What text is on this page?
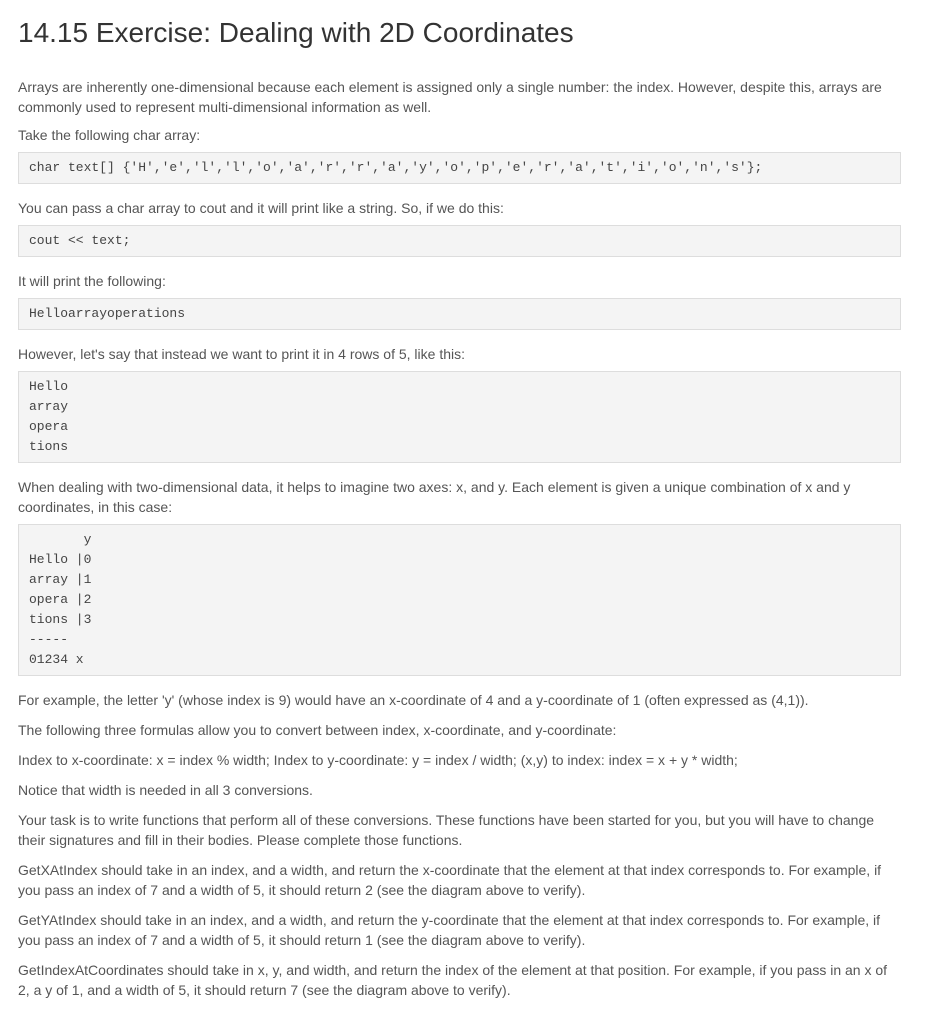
14.15 Exercise: Dealing with 2D Coordinates

Arrays are inherently one-dimensional because each element is assigned only a single number: the index. However, despite this, arrays are commonly used to represent multi-dimensional information as well.

Take the following char array:

char text[] {'H','e','l','l','o','a','r','r','a','y','o','p','e','r','a','t','i','o','n','s'};

You can pass a char array to cout and it will print like a string. So, if we do this:

cout << text;

It will print the following:

Helloarrayoperations

However, let's say that instead we want to print it in 4 rows of 5, like this:

Hello
array
opera
tions

When dealing with two-dimensional data, it helps to imagine two axes: x, and y. Each element is given a unique combination of x and y coordinates, in this case:

y
Hello |0
array |1
opera |2
tions |3
-----
01234 x

For example, the letter 'y' (whose index is 9) would have an x-coordinate of 4 and a y-coordinate of 1 (often expressed as (4,1)).

The following three formulas allow you to convert between index, x-coordinate, and y-coordinate:

Index to x-coordinate: x = index % width; Index to y-coordinate: y = index / width; (x,y) to index: index = x + y * width;

Notice that width is needed in all 3 conversions.

Your task is to write functions that perform all of these conversions. These functions have been started for you, but you will have to change their signatures and fill in their bodies. Please complete those functions.

GetXAtIndex should take in an index, and a width, and return the x-coordinate that the element at that index corresponds to. For example, if you pass an index of 7 and a width of 5, it should return 2 (see the diagram above to verify).

GetYAtIndex should take in an index, and a width, and return the y-coordinate that the element at that index corresponds to. For example, if you pass an index of 7 and a width of 5, it should return 1 (see the diagram above to verify).

GetIndexAtCoordinates should take in x, y, and width, and return the index of the element at that position. For example, if you pass in an x of 2, a y of 1, and a width of 5, it should return 7 (see the diagram above to verify).
